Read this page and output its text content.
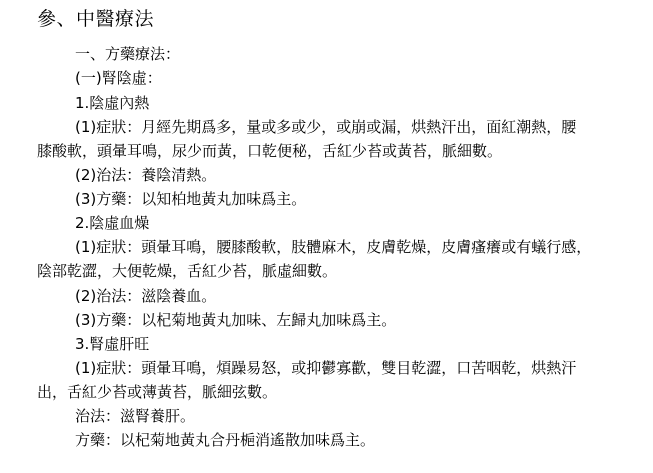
參、中醫療法
一、方藥療法：
(一)腎陰虛：
1.陰虛內熱
(1)症狀：月經先期爲多，量或多或少，或崩或漏，烘熱汗出，面紅潮熱，腰
膝酸軟，頭暈耳鳴，尿少而黃，口乾便秘，舌紅少苔或黃苔，脈細數。
(2)治法：養陰清熱。
(3)方藥：以知柏地黃丸加味爲主。
2.陰虛血燥
(1)症狀：頭暈耳鳴，腰膝酸軟，肢體麻木，皮膚乾燥，皮膚瘙癢或有蟻行感，
陰部乾澀，大便乾燥，舌紅少苔，脈虛細數。
(2)治法：滋陰養血。
(3)方藥：以杞菊地黃丸加味、左歸丸加味爲主。
3.腎虛肝旺
(1)症狀：頭暈耳鳴，煩躁易怒，或抑鬱寡歡，雙目乾澀，口苦咽乾，烘熱汗
出，舌紅少苔或薄黃苔，脈細弦數。
治法：滋腎養肝。
方藥：以杞菊地黃丸合丹梔消遙散加味爲主。
